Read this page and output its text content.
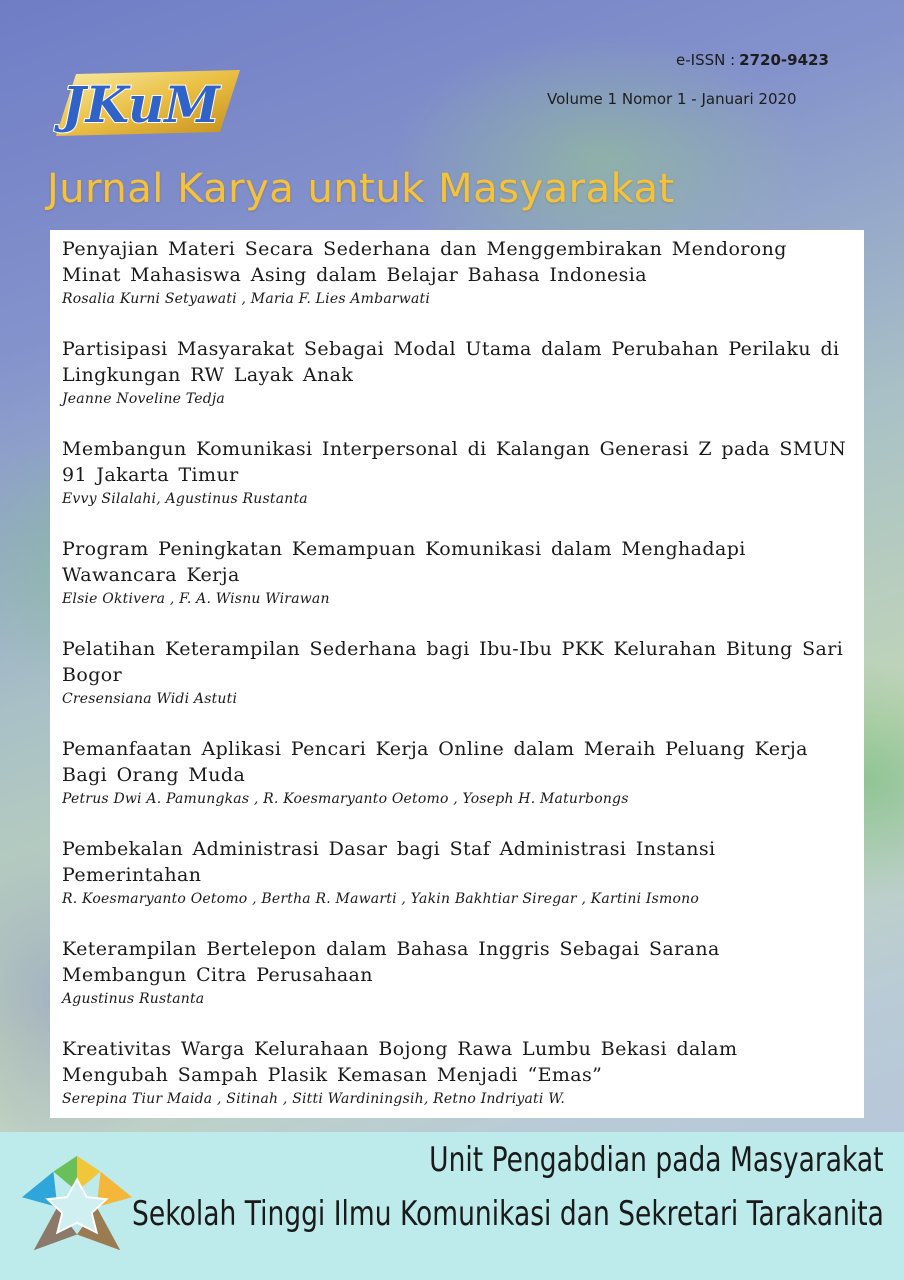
JKuM
e-ISSN : 2720-9423
Volume 1 Nomor 1 - Januari 2020
Jurnal Karya untuk Masyarakat
Penyajian Materi Secara Sederhana dan Menggembirakan Mendorong Minat Mahasiswa Asing dalam Belajar Bahasa Indonesia
Rosalia Kurni Setyawati , Maria F. Lies Ambarwati
Partisipasi Masyarakat Sebagai Modal Utama dalam Perubahan Perilaku di Lingkungan RW Layak Anak
Jeanne Noveline Tedja
Membangun Komunikasi Interpersonal di Kalangan Generasi Z pada SMUN 91 Jakarta Timur
Evvy Silalahi, Agustinus Rustanta
Program Peningkatan Kemampuan Komunikasi dalam Menghadapi Wawancara Kerja
Elsie Oktivera , F. A. Wisnu Wirawan
Pelatihan Keterampilan Sederhana bagi Ibu-Ibu PKK Kelurahan Bitung Sari Bogor
Cresensiana Widi Astuti
Pemanfaatan Aplikasi Pencari Kerja Online dalam Meraih Peluang Kerja Bagi Orang Muda
Petrus Dwi A. Pamungkas , R. Koesmaryanto Oetomo , Yoseph H. Maturbongs
Pembekalan Administrasi Dasar bagi Staf Administrasi Instansi Pemerintahan
R. Koesmaryanto Oetomo , Bertha R. Mawarti , Yakin Bakhtiar Siregar , Kartini Ismono
Keterampilan Bertelepon dalam Bahasa Inggris Sebagai Sarana Membangun Citra Perusahaan
Agustinus Rustanta
Kreativitas Warga Kelurahaan Bojong Rawa Lumbu Bekasi dalam Mengubah Sampah Plasik Kemasan Menjadi “Emas”
Serepina Tiur Maida , Sitinah , Sitti Wardiningsih, Retno Indriyati W.
Unit Pengabdian pada Masyarakat
Sekolah Tinggi Ilmu Komunikasi dan Sekretari Tarakanita
